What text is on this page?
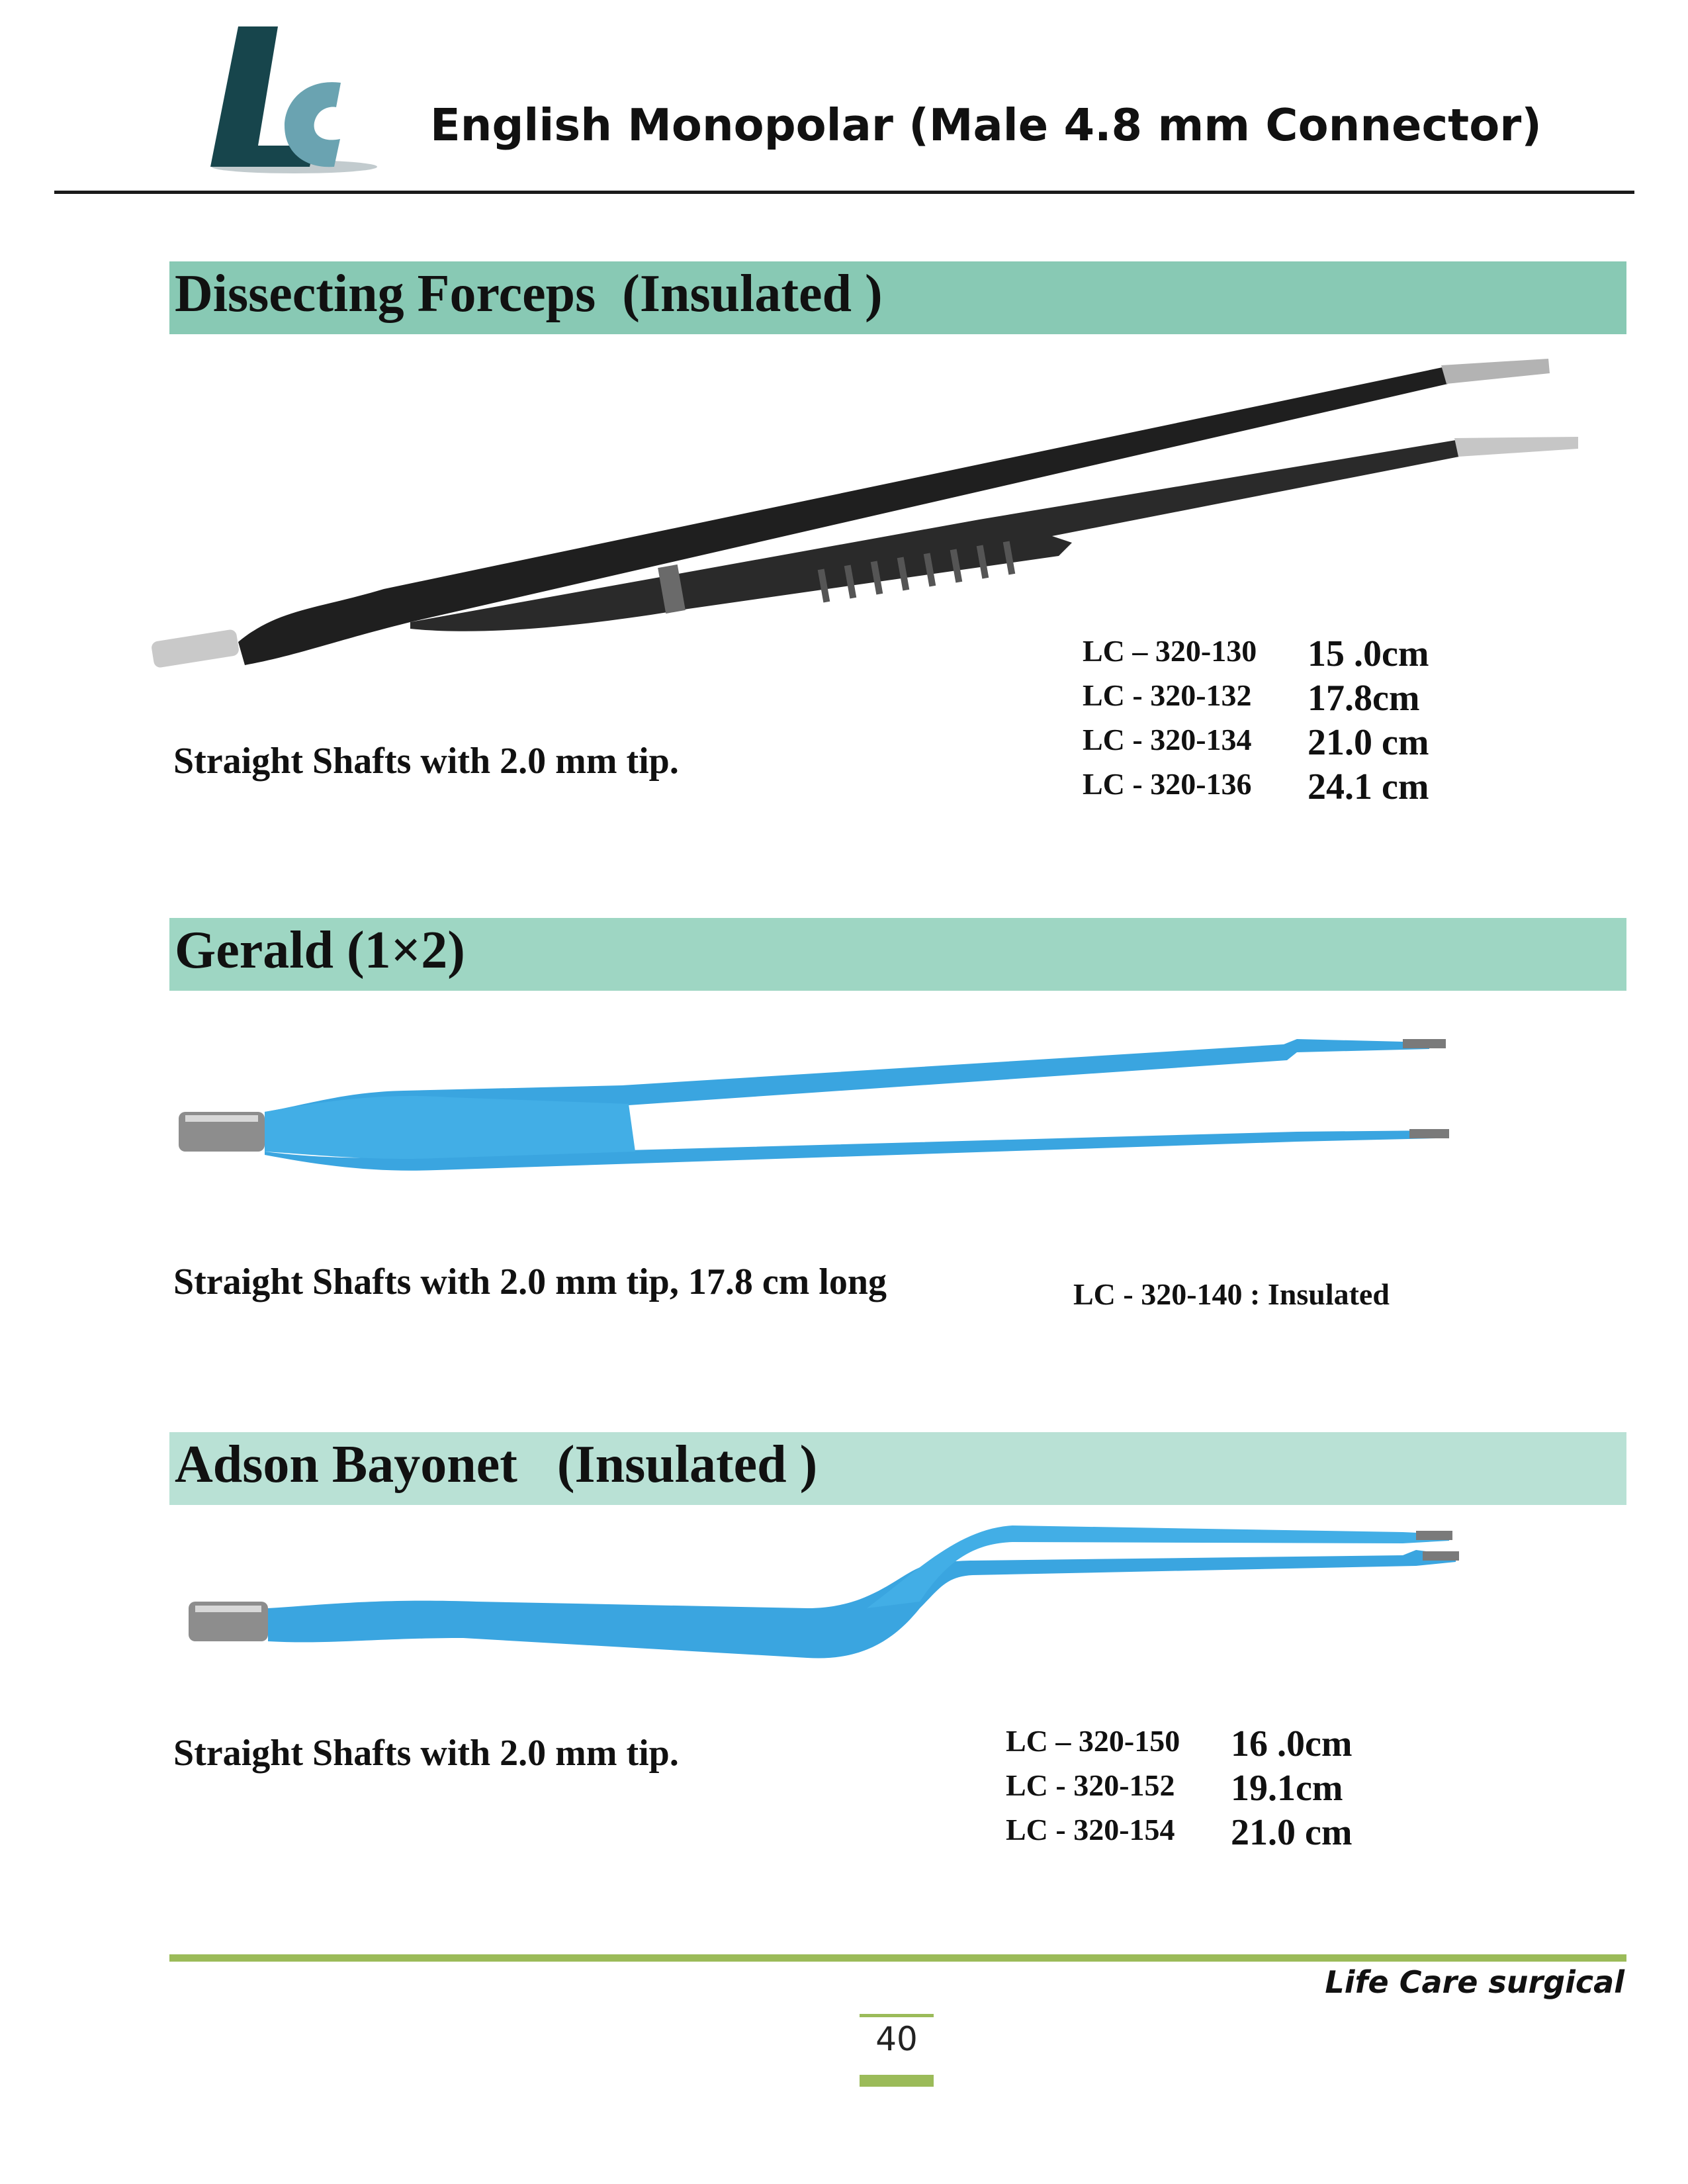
English Monopolar (Male 4.8 mm Connector)
Dissecting Forceps  (Insulated )
Straight Shafts with 2.0 mm tip.
LC – 320-130
LC - 320-132
LC - 320-134
LC - 320-136
15 .0cm
17.8cm
21.0 cm
24.1 cm
Gerald (1×2)
Straight Shafts with 2.0 mm tip, 17.8 cm long	LC - 320-140 : Insulated
Adson Bayonet   (Insulated )
Straight Shafts with 2.0 mm tip.	LC – 320-150
LC - 320-152
LC - 320-154
16 .0cm
19.1cm
21.0 cm
Life Care surgical
40
